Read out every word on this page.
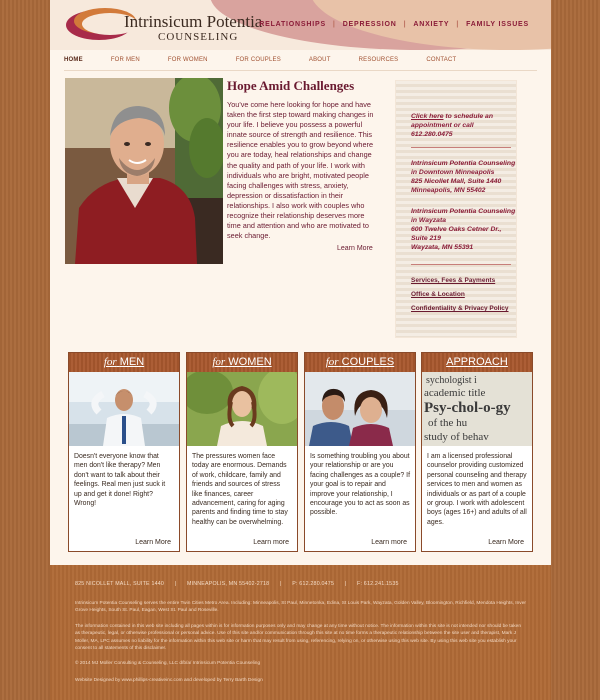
Intrinsicum Potentia
COUNSELING
RELATIONSHIPS | DEPRESSION | ANXIETY | FAMILY ISSUES
HOME	FOR MEN	FOR WOMEN	FOR COUPLES	ABOUT	RESOURCES	CONTACT
Hope Amid Challenges

You've come here looking for hope and have taken the first step toward making changes in your life. I believe you possess a powerful innate source of strength and resilience. This resilience enables you to grow beyond where you are today, heal relationships and change the quality and path of your life. I work with individuals who are bright, motivated people facing challenges with stress, anxiety, depression or dissatisfaction in their relationships. I also work with couples who recognize their relationship deserves more time and attention and who are motivated to seek change.

Learn More
Click here to schedule an appointment or call
612.280.0475
Intrinsicum Potentia Counseling in Downtown Minneapolis
825 Nicollet Mall, Suite 1440
Minneapolis, MN 55402
Intrinsicum Potentia Counseling in Wayzata
600 Twelve Oaks Cetner Dr.,
Suite 219
Wayzata, MN 55391
Services, Fees & Payments
Office & Location
Confidentiality & Privacy Policy
for MEN
Doesn't everyone know that men don't like therapy? Men don't want to talk about their feelings. Real men just suck it up and get it done! Right? Wrong!
Learn More
for WOMEN
The pressures women face today are enormous. Demands of work, childcare, family and friends and sources of stress like finances, career advancement, caring for aging parents and finding time to stay healthy can be overwhelming.
Learn more
for COUPLES
Is something troubling you about your relationship or are you facing challenges as a couple? If your goal is to repair and improve your relationship, I encourage you to act as soon as possible.
Learn more
APPROACH
sychologist i
academic title
Psy-chol-o-gy
of the hu
study of behav
I am a licensed professional counselor providing customized personal counseling and therapy services to men and women as individuals or as part of a couple or group. I work with adolescent boys (ages 16+) and adults of all ages.
Learn More
825 NICOLLET MALL, SUITE 1440 | MINNEAPOLIS, MN 55402-2718 | P: 612.280.0475 | F: 612.241.1535

Intrinsicum Potentia Counseling serves the entire Twin Cities Metro Area. Including: Minneapolis, St Paul, Minnetonka, Edina, St Louis Park, Wayzata, Golden Valley, Bloomington, Richfield, Mendota Heights, Inver Grove Heights, South St. Paul, Eagan, West St. Paul and Roseville.

The information contained in this web site including all pages within is for information purposes only and may change at any time without notice. The information within this site is not intended nor should be taken as therapeutic, legal, or otherwise professional or personal advice. Use of this site and/or communication through this site at no time forms a therapeutic relationship between the site user and therapist, Mark J Moller, MA, LPC assumes no liability for the information within this web site or harm that may result from using, referencing, relying on, or otherwise using this web site. By using this web site you establish your consent to all statements of this disclaimer.

© 2014 MJ Moller Consulting & Counseling, LLC d/b/a/ Intrinsicum Potentia Counseling

Website Designed by www.phillips-creativeinc.com and developed by Terry Barth Design
